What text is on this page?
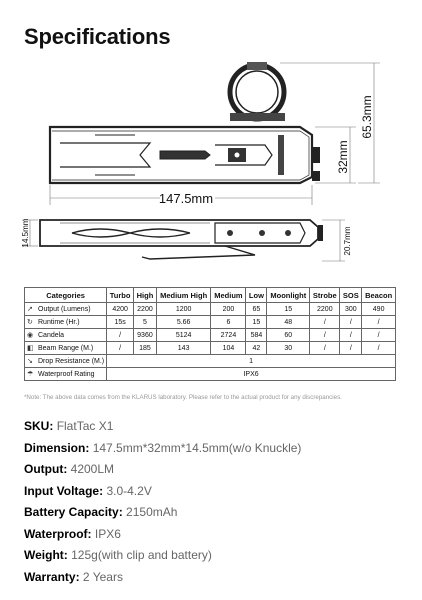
Specifications
147.5mm
32mm
65.3mm
14.5mm	20.7mm
Categories	Turbo	High	Medium High	Medium	Low	Moonlight	Strobe	SOS	Beacon
↗ Output (Lumens)	4200	2200	1200	200	65	15	2200	300	490
↻ Runtime (Hr.)	15s	5	5.66	6	15	48	/	/	/
◉ Candela	/	9360	5124	2724	584	60	/	/	/
◧ Beam Range (M.)	/	185	143	104	42	30	/	/	/
↘ Drop Resistance (M.)	1								
☂ Waterproof Rating	IPX6								
*Note: The above data comes from the KLARUS laboratory. Please refer to the actual product for any discrepancies.
SKU: FlatTac X1
Dimension: 147.5mm*32mm*14.5mm(w/o Knuckle)
Output: 4200LM
Input Voltage: 3.0-4.2V
Battery Capacity: 2150mAh
Waterproof: IPX6
Weight: 125g(with clip and battery)
Warranty: 2 Years
